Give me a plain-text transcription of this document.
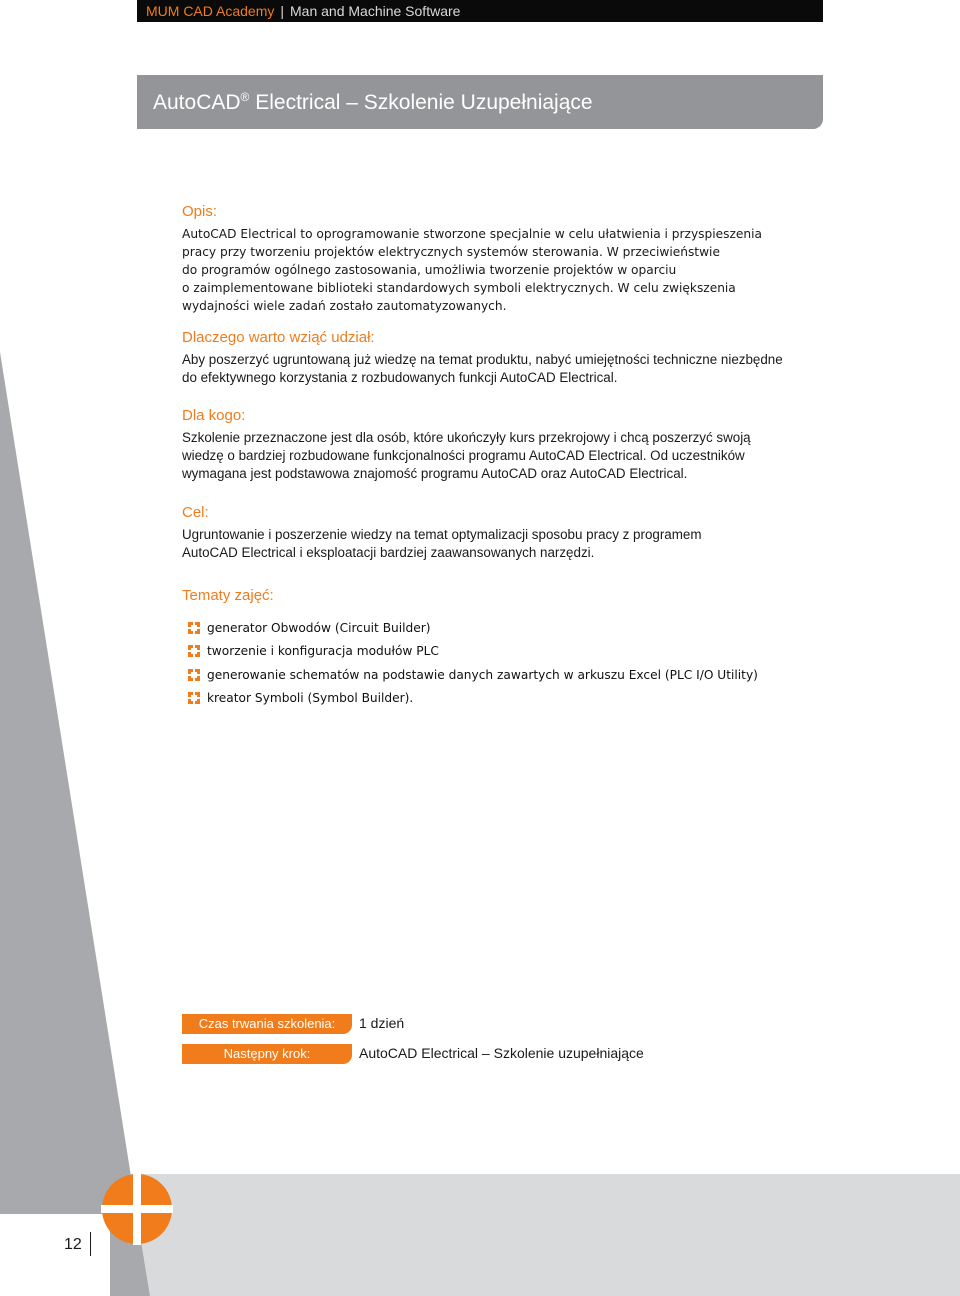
MUM CAD Academy | Man and Machine Software
AutoCAD® Electrical – Szkolenie Uzupełniające
Opis:

AutoCAD Electrical to oprogramowanie stworzone specjalnie w celu ułatwienia i przyspieszenia
pracy przy tworzeniu projektów elektrycznych systemów sterowania. W przeciwieństwie
do programów ogólnego zastosowania, umożliwia tworzenie projektów w oparciu
o zaimplementowane biblioteki standardowych symboli elektrycznych. W celu zwiększenia
wydajności wiele zadań zostało zautomatyzowanych.

Dlaczego warto wziąć udział:

Aby poszerzyć ugruntowaną już wiedzę na temat produktu, nabyć umiejętności techniczne niezbędne
do efektywnego korzystania z rozbudowanych funkcji AutoCAD Electrical.

Dla kogo:

Szkolenie przeznaczone jest dla osób, które ukończyły kurs przekrojowy i chcą poszerzyć swoją
wiedzę o bardziej rozbudowane funkcjonalności programu AutoCAD Electrical. Od uczestników
wymagana jest podstawowa znajomość programu AutoCAD oraz AutoCAD Electrical.

Cel:

Ugruntowanie i poszerzenie wiedzy na temat optymalizacji sposobu pracy z programem
AutoCAD Electrical i eksploatacji bardziej zaawansowanych narzędzi.

Tematy zajęć:
generator Obwodów (Circuit Builder)
tworzenie i konfiguracja modułów PLC
generowanie schematów na podstawie danych zawartych w arkuszu Excel (PLC I/O Utility)
kreator Symboli (Symbol Builder).
Czas trwania szkolenia:	1 dzień
Następny krok:	AutoCAD Electrical – Szkolenie uzupełniające
12
